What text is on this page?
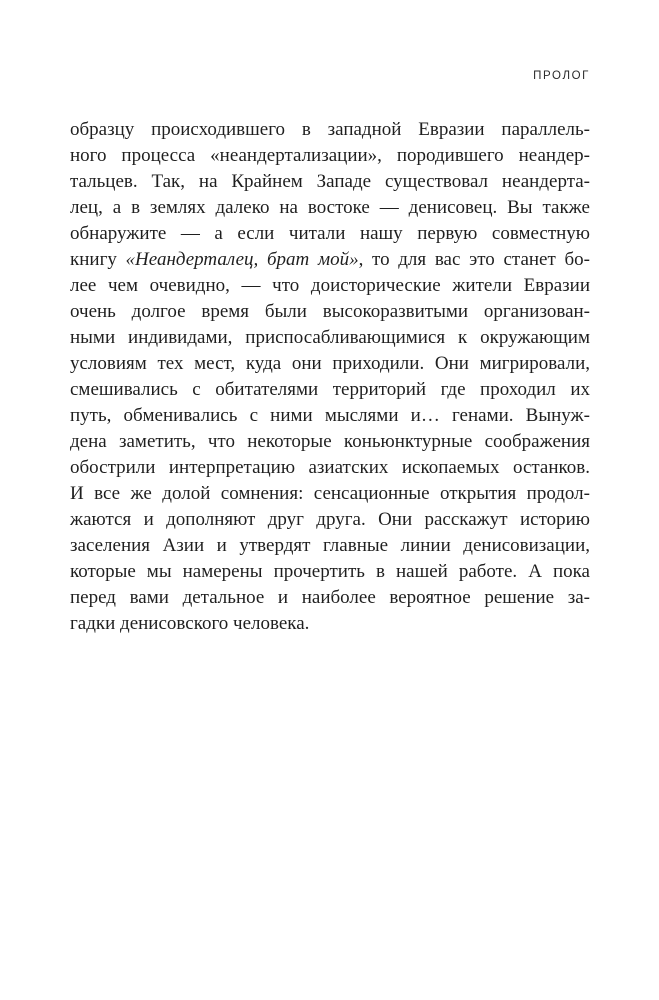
ПРОЛОГ
образцу происходившего в западной Евразии параллель-
ного процесса «неандертализации», породившего неандер-
тальцев. Так, на Крайнем Западе существовал неандерта-
лец, а в землях далеко на востоке — денисовец. Вы также
обнаружите — а если читали нашу первую совместную
книгу «Неандерталец, брат мой», то для вас это станет бо-
лее чем очевидно, — что доисторические жители Евразии
очень долгое время были высокоразвитыми организован-
ными индивидами, приспосабливающимися к окружающим
условиям тех мест, куда они приходили. Они мигрировали,
смешивались с обитателями территорий где проходил их
путь, обменивались с ними мыслями и… генами. Вынуж-
дена заметить, что некоторые коньюнктурные соображения
обострили интерпретацию азиатских ископаемых останков.
И все же долой сомнения: сенсационные открытия продол-
жаются и дополняют друг друга. Они расскажут историю
заселения Азии и утвердят главные линии денисовизации,
которые мы намерены прочертить в нашей работе. А пока
перед вами детальное и наиболее вероятное решение за-
гадки денисовского человека.
